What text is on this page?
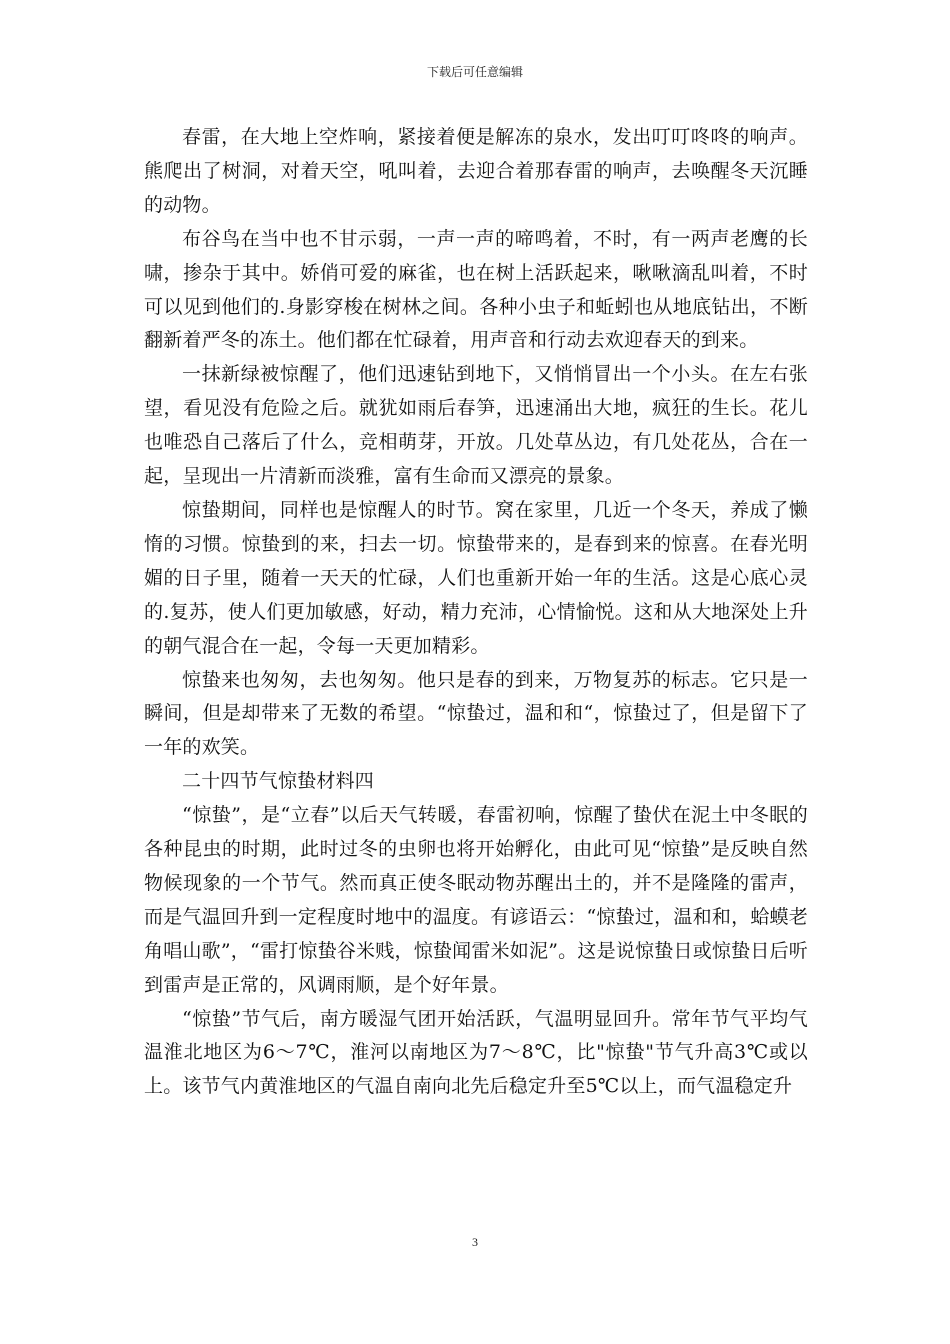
下载后可任意编辑

春雷，在大地上空炸响，紧接着便是解冻的泉水，发出叮叮咚咚的响声。熊爬出了树洞，对着天空，吼叫着，去迎合着那春雷的响声，去唤醒冬天沉睡的动物。

布谷鸟在当中也不甘示弱，一声一声的啼鸣着，不时，有一两声老鹰的长啸，掺杂于其中。娇俏可爱的麻雀，也在树上活跃起来，啾啾滴乱叫着，不时可以见到他们的.身影穿梭在树林之间。各种小虫子和蚯蚓也从地底钻出，不断翻新着严冬的冻土。他们都在忙碌着，用声音和行动去欢迎春天的到来。

一抹新绿被惊醒了，他们迅速钻到地下，又悄悄冒出一个小头。在左右张望，看见没有危险之后。就犹如雨后春笋，迅速涌出大地，疯狂的生长。花儿也唯恐自己落后了什么，竞相萌芽，开放。几处草丛边，有几处花丛，合在一起，呈现出一片清新而淡雅，富有生命而又漂亮的景象。

惊蛰期间，同样也是惊醒人的时节。窝在家里，几近一个冬天，养成了懒惰的习惯。惊蛰到的来，扫去一切。惊蛰带来的，是春到来的惊喜。在春光明媚的日子里，随着一天天的忙碌，人们也重新开始一年的生活。这是心底心灵的.复苏，使人们更加敏感，好动，精力充沛，心情愉悦。这和从大地深处上升的朝气混合在一起，令每一天更加精彩。

惊蛰来也匆匆，去也匆匆。他只是春的到来，万物复苏的标志。它只是一瞬间，但是却带来了无数的希望。“惊蛰过，温和和“，惊蛰过了，但是留下了一年的欢笑。

二十四节气惊蛰材料四

“惊蛰”，是“立春”以后天气转暖，春雷初响，惊醒了蛰伏在泥土中冬眠的各种昆虫的时期，此时过冬的虫卵也将开始孵化，由此可见“惊蛰”是反映自然物候现象的一个节气。然而真正使冬眠动物苏醒出土的，并不是隆隆的雷声，而是气温回升到一定程度时地中的温度。有谚语云：“惊蛰过，温和和，蛤蟆老角唱山歌”，“雷打惊蛰谷米贱，惊蛰闻雷米如泥”。这是说惊蛰日或惊蛰日后听到雷声是正常的，风调雨顺，是个好年景。

“惊蛰”节气后，南方暖湿气团开始活跃，气温明显回升。常年节气平均气温淮北地区为6～7℃，淮河以南地区为7～8℃，比"惊蛰"节气升高3℃或以上。该节气内黄淮地区的气温自南向北先后稳定升至5℃以上，而气温稳定升

3
